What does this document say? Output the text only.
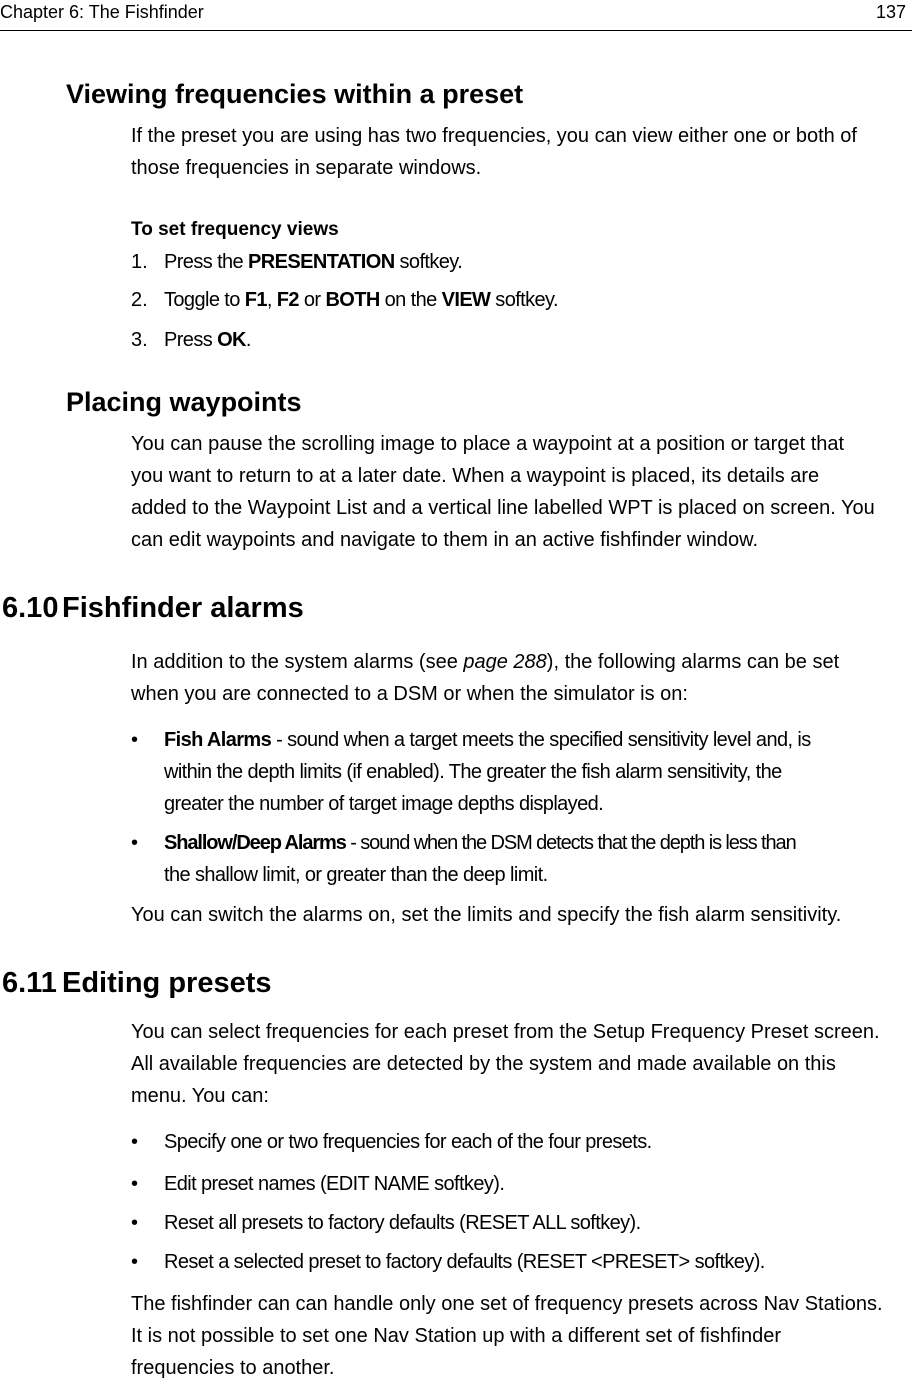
Chapter 6: The Fishfinder	137
Viewing frequencies within a preset
If the preset you are using has two frequencies, you can view either one or both of
those frequencies in separate windows.
To set frequency views
1. Press the PRESENTATION softkey.
2. Toggle to F1, F2 or BOTH on the VIEW softkey.
3. Press OK.
Placing waypoints
You can pause the scrolling image to place a waypoint at a position or target that
you want to return to at a later date. When a waypoint is placed, its details are
added to the Waypoint List and a vertical line labelled WPT is placed on screen. You
can edit waypoints and navigate to them in an active fishfinder window.
6.10 Fishfinder alarms
In addition to the system alarms (see page 288), the following alarms can be set
when you are connected to a DSM or when the simulator is on:
• Fish Alarms - sound when a target meets the specified sensitivity level and, is
within the depth limits (if enabled). The greater the fish alarm sensitivity, the
greater the number of target image depths displayed.
• Shallow/Deep Alarms - sound when the DSM detects that the depth is less than
the shallow limit, or greater than the deep limit.
You can switch the alarms on, set the limits and specify the fish alarm sensitivity.
6.11 Editing presets
You can select frequencies for each preset from the Setup Frequency Preset screen.
All available frequencies are detected by the system and made available on this
menu. You can:
• Specify one or two frequencies for each of the four presets.
• Edit preset names (EDIT NAME softkey).
• Reset all presets to factory defaults (RESET ALL softkey).
• Reset a selected preset to factory defaults (RESET <PRESET> softkey).
The fishfinder can can handle only one set of frequency presets across Nav Stations.
It is not possible to set one Nav Station up with a different set of fishfinder
frequencies to another.
